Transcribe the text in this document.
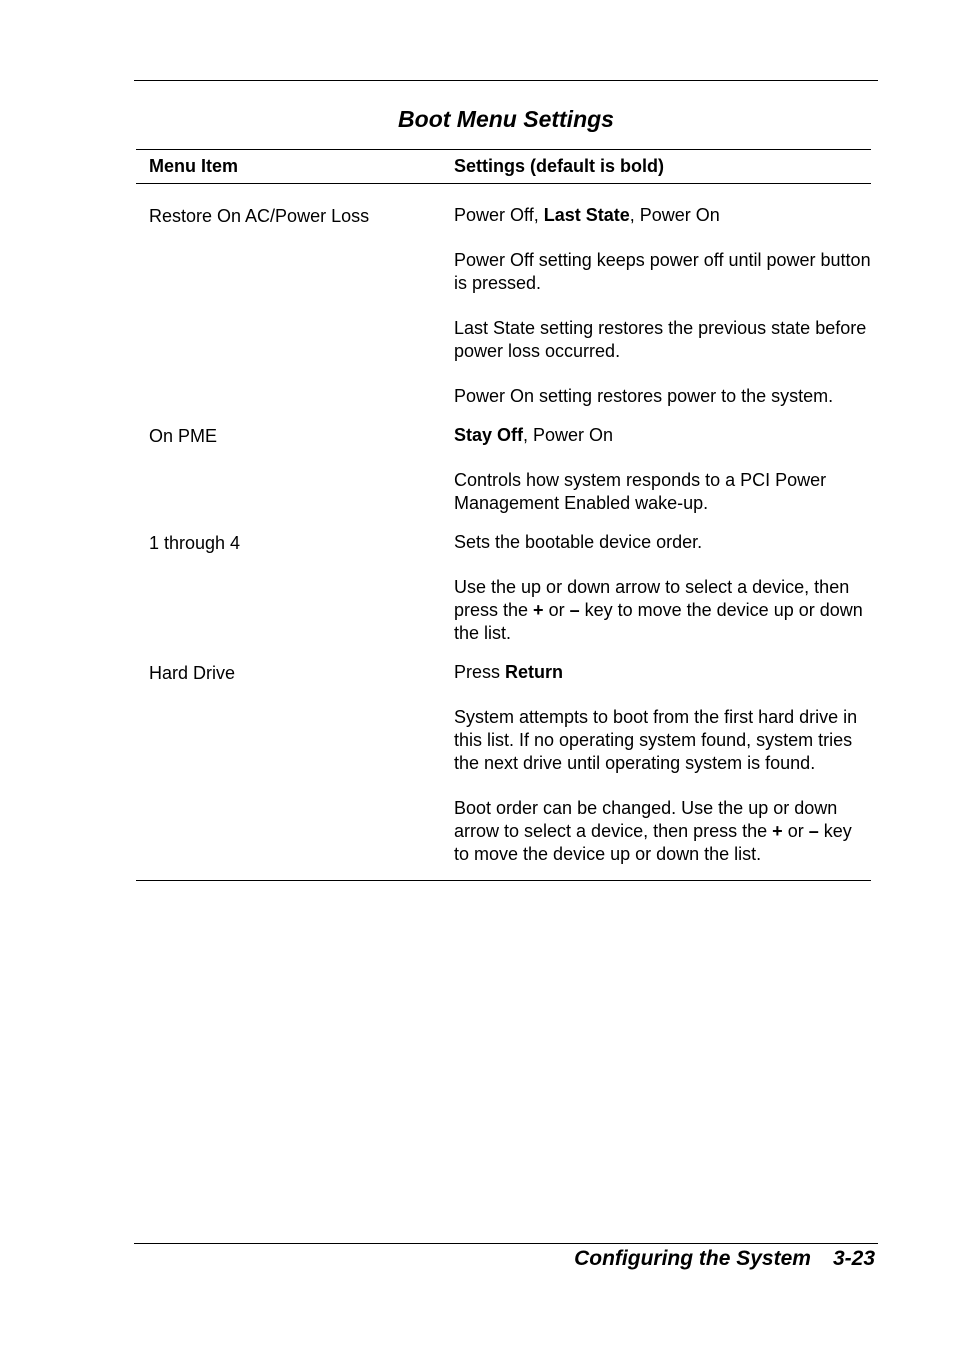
Boot Menu Settings
Menu Item	Settings (default is bold)
Restore On AC/Power Loss	Power Off, Last State, Power On

Power Off setting keeps power off until power button is pressed.

Last State setting restores the previous state before power loss occurred.

Power On setting restores power to the system.

On PME	Stay Off, Power On

Controls how system responds to a PCI Power Management Enabled wake-up.

1 through 4	Sets the bootable device order.

Use the up or down arrow to select a device, then press the + or – key to move the device up or down the list.

Hard Drive	Press Return

System attempts to boot from the first hard drive in this list. If no operating system found, system tries the next drive until operating system is found.

Boot order can be changed. Use the up or down arrow to select a device, then press the + or – key to move the device up or down the list.

Configuring the System 3-23
